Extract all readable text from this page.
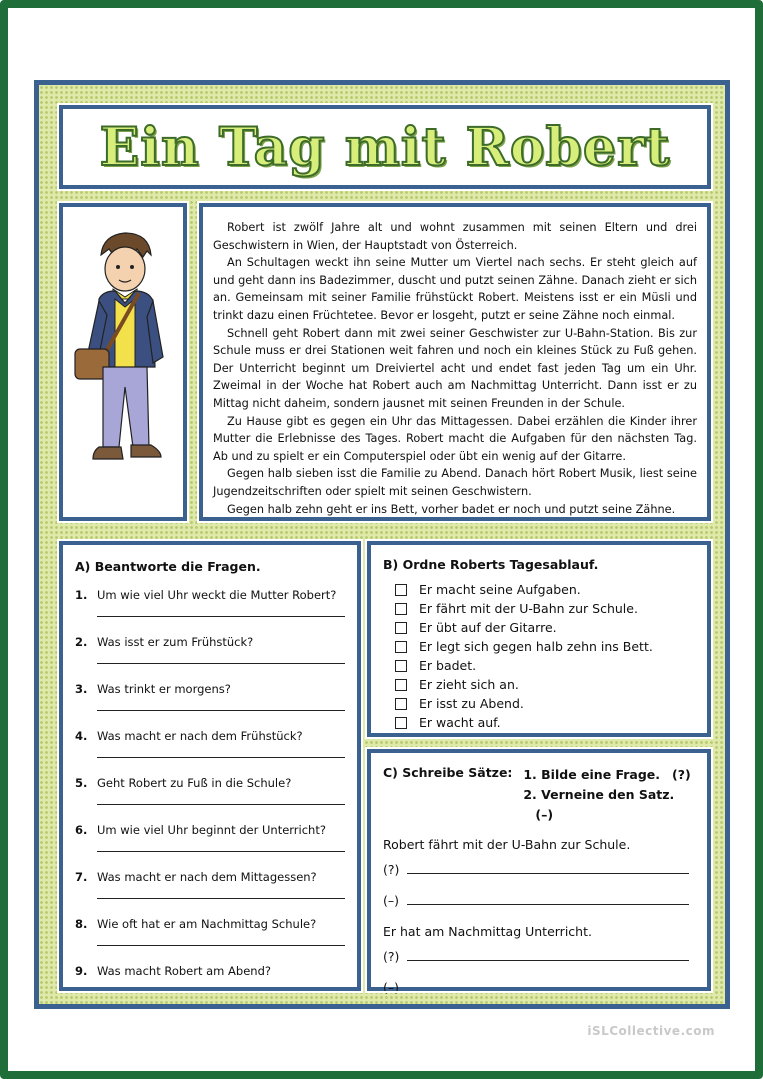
Ein Tag mit Robert

Robert ist zwölf Jahre alt und wohnt zusammen mit seinen Eltern und drei Geschwistern in Wien, der Hauptstadt von Österreich.

An Schultagen weckt ihn seine Mutter um Viertel nach sechs. Er steht gleich auf und geht dann ins Badezimmer, duscht und putzt seinen Zähne. Danach zieht er sich an. Gemeinsam mit seiner Familie frühstückt Robert. Meistens isst er ein Müsli und trinkt dazu einen Früchtetee. Bevor er losgeht, putzt er seine Zähne noch einmal.

Schnell geht Robert dann mit zwei seiner Geschwister zur U-Bahn-Station. Bis zur Schule muss er drei Stationen weit fahren und noch ein kleines Stück zu Fuß gehen. Der Unterricht beginnt um Dreiviertel acht und endet fast jeden Tag um ein Uhr. Zweimal in der Woche hat Robert auch am Nachmittag Unterricht. Dann isst er zu Mittag nicht daheim, sondern jausnet mit seinen Freunden in der Schule.

Zu Hause gibt es gegen ein Uhr das Mittagessen. Dabei erzählen die Kinder ihrer Mutter die Erlebnisse des Tages. Robert macht die Aufgaben für den nächsten Tag. Ab und zu spielt er ein Computerspiel oder übt ein wenig auf der Gitarre.

Gegen halb sieben isst die Familie zu Abend. Danach hört Robert Musik, liest seine Jugendzeitschriften oder spielt mit seinen Geschwistern.

Gegen halb zehn geht er ins Bett, vorher badet er noch und putzt seine Zähne.

A) Beantworte die Fragen.
1. Um wie viel Uhr weckt die Mutter Robert?
2. Was isst er zum Frühstück?
3. Was trinkt er morgens?
4. Was macht er nach dem Frühstück?
5. Geht Robert zu Fuß in die Schule?
6. Um wie viel Uhr beginnt der Unterricht?
7. Was macht er nach dem Mittagessen?
8. Wie oft hat er am Nachmittag Schule?
9. Was macht Robert am Abend?
B) Ordne Roberts Tagesablauf.
Er macht seine Aufgaben.
Er fährt mit der U-Bahn zur Schule.
Er übt auf der Gitarre.
Er legt sich gegen halb zehn ins Bett.
Er badet.
Er zieht sich an.
Er isst zu Abend.
Er wacht auf.
C) Schreibe Sätze: 1. Bilde eine Frage. (?)
2. Verneine den Satz.(–)
Robert fährt mit der U-Bahn zur Schule.
(?)
(–)
Er hat am Nachmittag Unterricht.
(?)
(–)
iSLCollective.com
